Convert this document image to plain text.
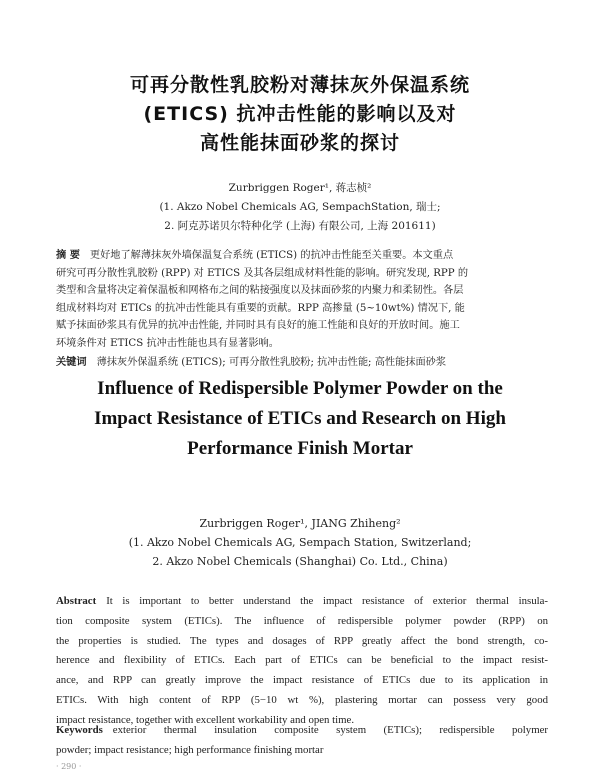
可再分散性乳胶粉对薄抹灰外保温系统
(ETICS) 抗冲击性能的影响以及对
高性能抹面砂浆的探讨
Zurbriggen Roger¹, 蒋志桢²
(1. Akzo Nobel Chemicals AG, SempachStation, 瑞士;
2. 阿克苏诺贝尔特种化学 (上海) 有限公司, 上海 201611)
摘 要 更好地了解薄抹灰外墙保温复合系统 (ETICS) 的抗冲击性能至关重要。本文重点
研究可再分散性乳胶粉 (RPP) 对 ETICS 及其各层组成材料性能的影响。研究发现, RPP 的
类型和含量将决定着保温板和网格布之间的粘接强度以及抹面砂浆的内聚力和柔韧性。各层
组成材料均对 ETICs 的抗冲击性能具有重要的贡献。RPP 高掺量 (5~10wt%) 情况下, 能
赋予抹面砂浆具有优异的抗冲击性能, 并同时具有良好的施工性能和良好的开放时间。施工
环境条件对 ETICS 抗冲击性能也具有显著影响。
关键词 薄抹灰外保温系统 (ETICS); 可再分散性乳胶粉; 抗冲击性能; 高性能抹面砂浆
Influence of Redispersible Polymer Powder on the
Impact Resistance of ETICs and Research on High
Performance Finish Mortar
Zurbriggen Roger¹, JIANG Zhiheng²
(1. Akzo Nobel Chemicals AG, Sempach Station, Switzerland;
2. Akzo Nobel Chemicals (Shanghai) Co. Ltd., China)
Abstract It is important to better understand the impact resistance of exterior thermal insula-
tion composite system (ETICs). The influence of redispersible polymer powder (RPP) on
the properties is studied. The types and dosages of RPP greatly affect the bond strength, co-
herence and flexibility of ETICs. Each part of ETICs can be beneficial to the impact resist-
ance, and RPP can greatly improve the impact resistance of ETICs due to its application in
ETICs. With high content of RPP (5−10 wt %), plastering mortar can possess very good
impact resistance, together with excellent workability and open time.
Keywords exterior thermal insulation composite system (ETICs); redispersible polymer
powder; impact resistance; high performance finishing mortar
· 290 ·
